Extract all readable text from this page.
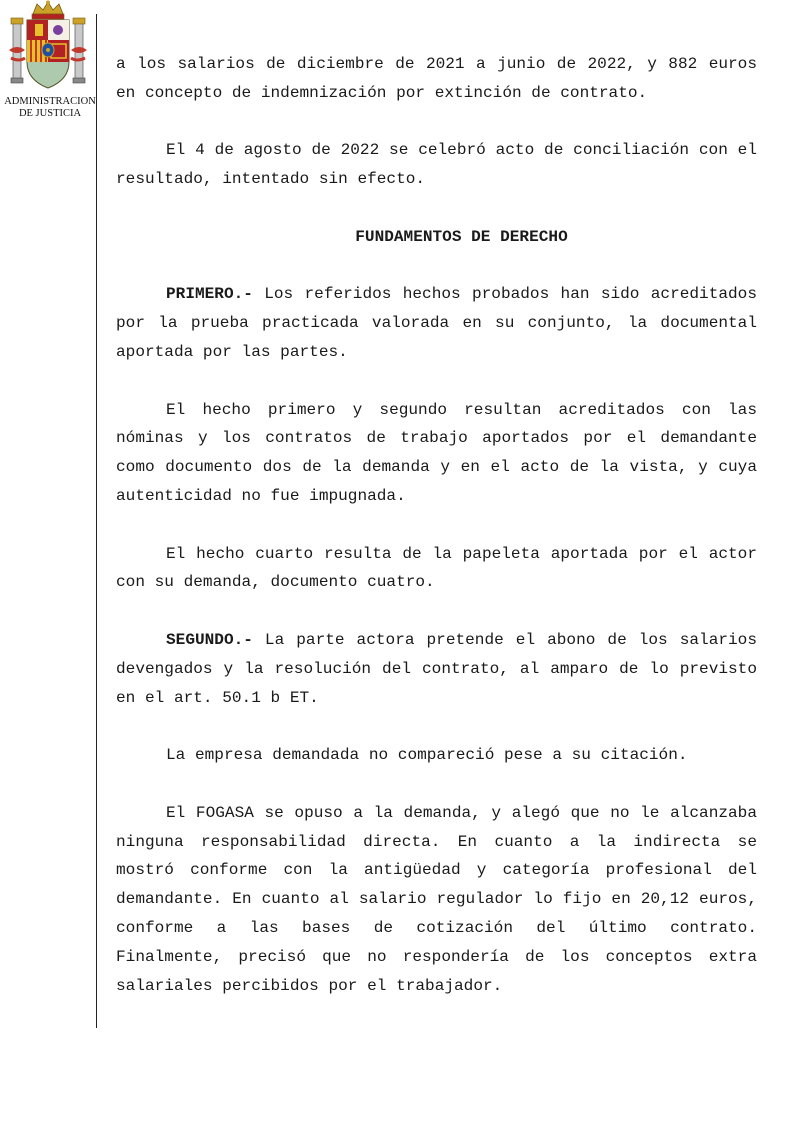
ADMINISTRACION
DE JUSTICIA

a los salarios de diciembre de 2021 a junio de 2022, y 882 euros en concepto de indemnización por extinción de contrato.

El 4 de agosto de 2022 se celebró acto de conciliación con el resultado, intentado sin efecto.

FUNDAMENTOS DE DERECHO

PRIMERO.- Los referidos hechos probados han sido acreditados por la prueba practicada valorada en su conjunto, la documental aportada por las partes.

El hecho primero y segundo resultan acreditados con las nóminas y los contratos de trabajo aportados por el demandante como documento dos de la demanda y en el acto de la vista, y cuya autenticidad no fue impugnada.

El hecho cuarto resulta de la papeleta aportada por el actor con su demanda, documento cuatro.

SEGUNDO.- La parte actora pretende el abono de los salarios devengados y la resolución del contrato, al amparo de lo previsto en el art. 50.1 b ET.

La empresa demandada no compareció pese a su citación.

El FOGASA se opuso a la demanda, y alegó que no le alcanzaba ninguna responsabilidad directa. En cuanto a la indirecta se mostró conforme con la antigüedad y categoría profesional del demandante. En cuanto al salario regulador lo fijo en 20,12 euros, conforme a las bases de cotización del último contrato. Finalmente, precisó que no respondería de los conceptos extra salariales percibidos por el trabajador.
